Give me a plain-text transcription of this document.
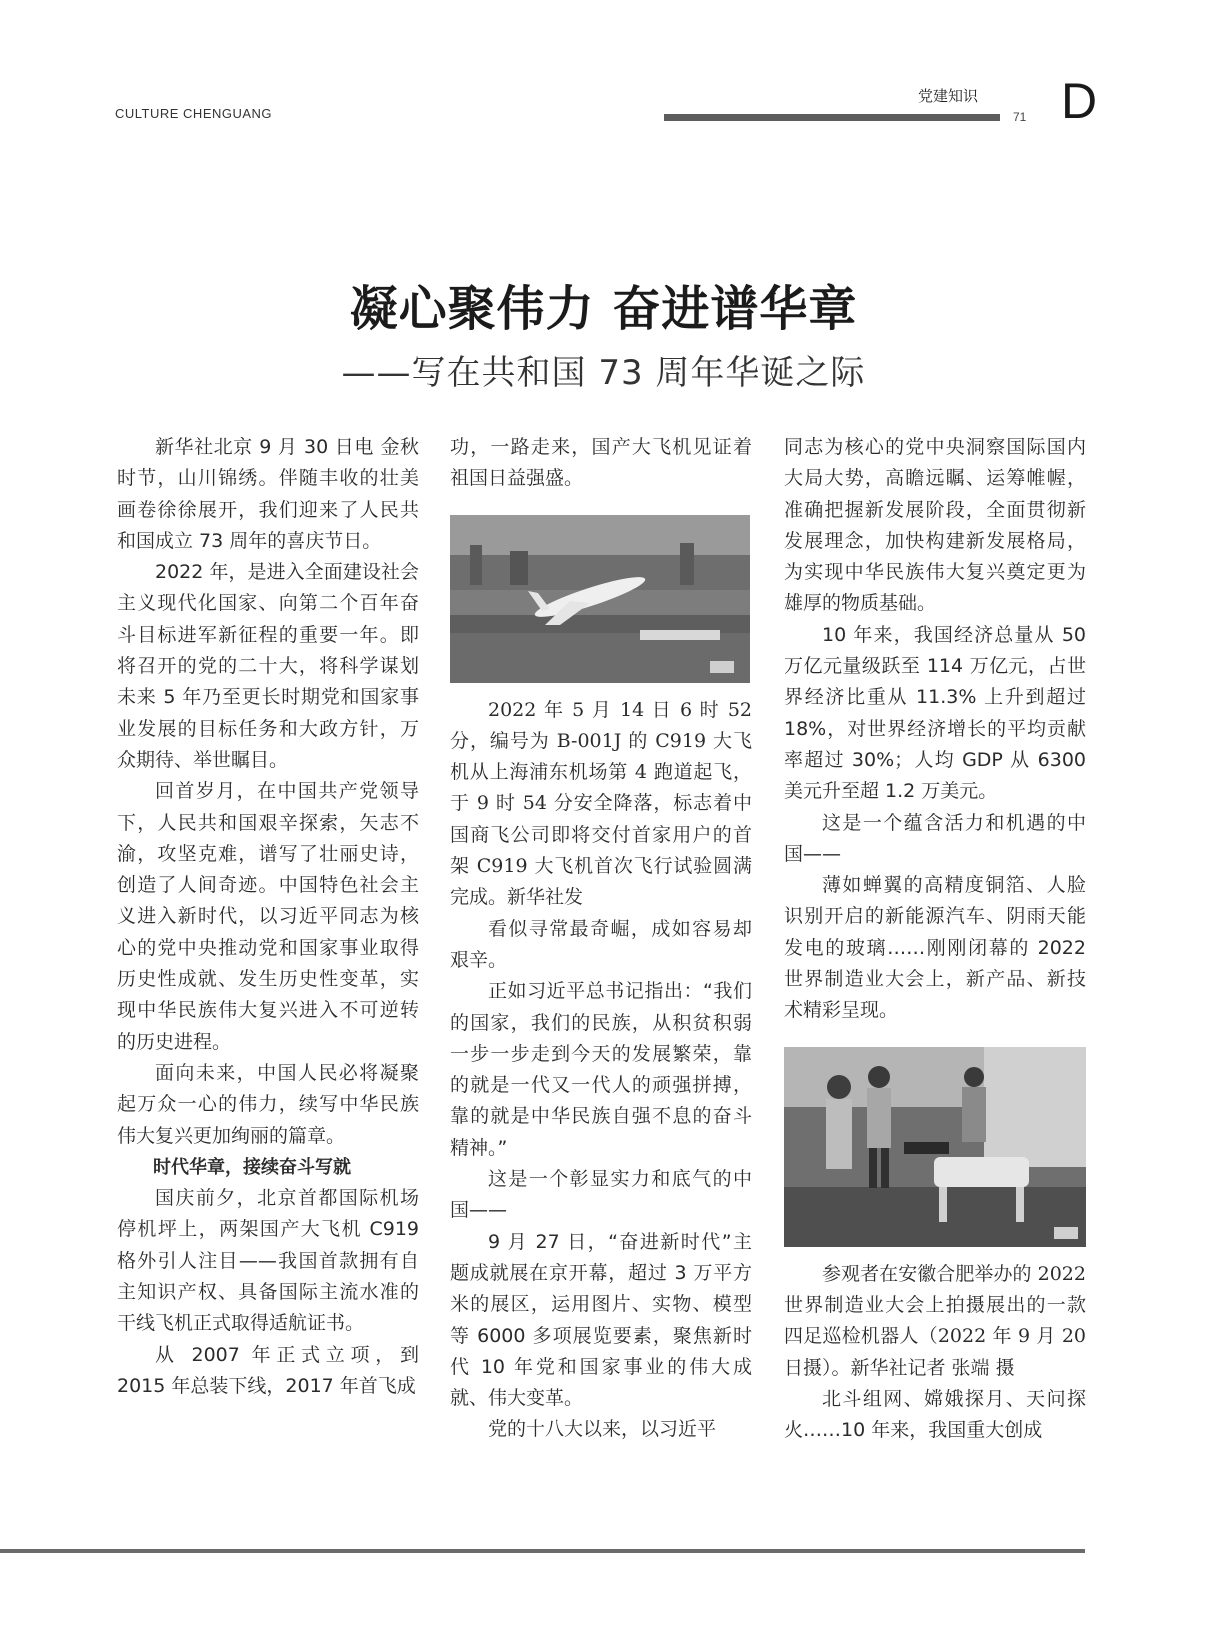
CULTURE CHENGUANG
党建知识
71 D
凝心聚伟力 奋进谱华章
——写在共和国 73 周年华诞之际

新华社北京 9 月 30 日电 金秋时节，山川锦绣。伴随丰收的壮美画卷徐徐展开，我们迎来了人民共和国成立 73 周年的喜庆节日。

2022 年，是进入全面建设社会主义现代化国家、向第二个百年奋斗目标进军新征程的重要一年。即将召开的党的二十大，将科学谋划未来 5 年乃至更长时期党和国家事业发展的目标任务和大政方针，万众期待、举世瞩目。

回首岁月，在中国共产党领导下，人民共和国艰辛探索，矢志不渝，攻坚克难，谱写了壮丽史诗，创造了人间奇迹。中国特色社会主义进入新时代，以习近平同志为核心的党中央推动党和国家事业取得历史性成就、发生历史性变革，实现中华民族伟大复兴进入不可逆转的历史进程。

面向未来，中国人民必将凝聚起万众一心的伟力，续写中华民族伟大复兴更加绚丽的篇章。

时代华章，接续奋斗写就

国庆前夕，北京首都国际机场停机坪上，两架国产大飞机 C919 格外引人注目——我国首款拥有自主知识产权、具备国际主流水准的干线飞机正式取得适航证书。

从 2007 年正式立项，到 2015 年总装下线，2017 年首飞成

功，一路走来，国产大飞机见证着祖国日益强盛。

2022 年 5 月 14 日 6 时 52 分，编号为 B-001J 的 C919 大飞机从上海浦东机场第 4 跑道起飞，于 9 时 54 分安全降落，标志着中国商飞公司即将交付首家用户的首架 C919 大飞机首次飞行试验圆满完成。新华社发

看似寻常最奇崛，成如容易却艰辛。

正如习近平总书记指出：“我们的国家，我们的民族，从积贫积弱一步一步走到今天的发展繁荣，靠的就是一代又一代人的顽强拼搏，靠的就是中华民族自强不息的奋斗精神。”

这是一个彰显实力和底气的中国——

9 月 27 日，“奋进新时代”主题成就展在京开幕，超过 3 万平方米的展区，运用图片、实物、模型等 6000 多项展览要素，聚焦新时代 10 年党和国家事业的伟大成就、伟大变革。

党的十八大以来，以习近平

同志为核心的党中央洞察国际国内大局大势，高瞻远瞩、运筹帷幄，准确把握新发展阶段，全面贯彻新发展理念，加快构建新发展格局，为实现中华民族伟大复兴奠定更为雄厚的物质基础。

10 年来，我国经济总量从 50 万亿元量级跃至 114 万亿元，占世界经济比重从 11.3% 上升到超过 18%，对世界经济增长的平均贡献率超过 30%；人均 GDP 从 6300 美元升至超 1.2 万美元。

这是一个蕴含活力和机遇的中国——

薄如蝉翼的高精度铜箔、人脸识别开启的新能源汽车、阴雨天能发电的玻璃……刚刚闭幕的 2022 世界制造业大会上，新产品、新技术精彩呈现。

参观者在安徽合肥举办的 2022 世界制造业大会上拍摄展出的一款四足巡检机器人（2022 年 9 月 20 日摄）。新华社记者 张端 摄

北斗组网、嫦娥探月、天问探火……10 年来，我国重大创成
